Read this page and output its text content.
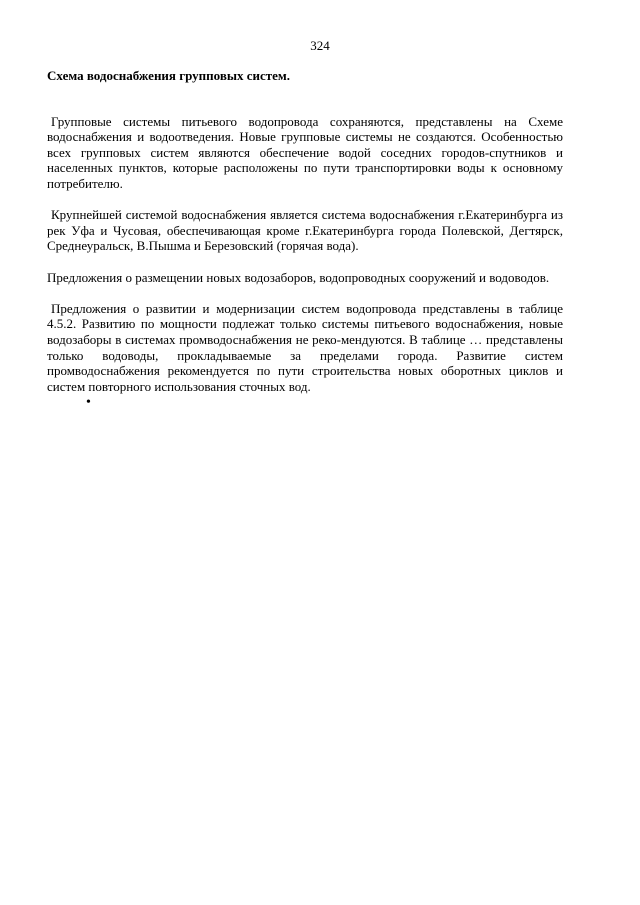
324
Схема водоснабжения групповых систем.

Групповые системы питьевого водопровода сохраняются, представлены на Схеме водоснабжения и водоотведения. Новые групповые системы не создаются. Особенностью всех групповых систем являются обеспечение водой соседних городов-спутников и населенных пунктов, которые расположены по пути транспортировки воды к основному потребителю.

Крупнейшей системой водоснабжения является система водоснабжения г.Екатеринбурга из рек Уфа и Чусовая, обеспечивающая кроме г.Екатеринбурга города Полевской, Дегтярск, Среднеуральск, В.Пышма и Березовский (горячая вода).

Предложения о размещении новых водозаборов, водопроводных сооружений и водоводов.

Предложения о развитии и модернизации систем водопровода представлены в таблице 4.5.2. Развитию по мощности подлежат только системы питьевого водоснабжения, новые водозаборы в системах промводоснабжения не реко-мендуются. В таблице … представлены только водоводы, прокладываемые за пределами города. Развитие систем промводоснабжения рекомендуется по пути строительства новых оборотных циклов и систем повторного использования сточных вод.

•
